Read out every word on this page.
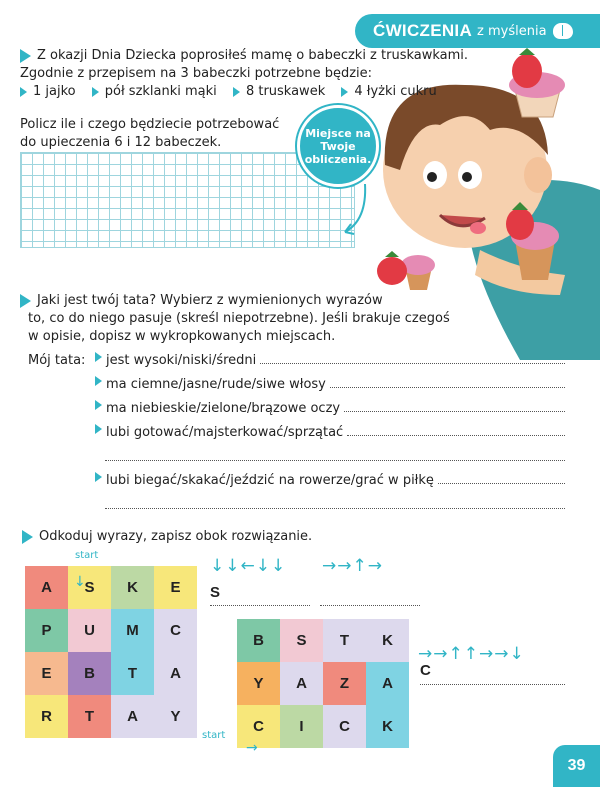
ĆWICZENIA z myślenia
Z okazji Dnia Dziecka poprosiłeś mamę o babeczki z truskawkami.
Zgodnie z przepisem na 3 babeczki potrzebne będzie:
1 jajko pół szklanki mąki 8 truskawek 4 łyżki cukru
Policz ile i czego będziecie potrzebować
do upieczenia 6 i 12 babeczek.
Miejsce na Twoje obliczenia.
Jaki jest twój tata? Wybierz z wymienionych wyrazów
to, co do niego pasuje (skreśl niepotrzebne). Jeśli brakuje czegoś
w opisie, dopisz w wykropkowanych miejscach.
Mój tata: jest wysoki/niski/średni
ma ciemne/jasne/rude/siwe włosy
ma niebieskie/zielone/brązowe oczy
lubi gotować/majsterkować/sprzątać
lubi biegać/skakać/jeździć na rowerze/grać w piłkę
Odkoduj wyrazy, zapisz obok rozwiązanie.
start
A	S	K	E
P	U	M	C
E	B	T	A
R	T	A	Y
↓↓←↓↓ →→↑→
S
B	S	T	K
Y	A	Z	A
C	I	C	K
→→↑↑→→↓
C
start
↓
→
39
